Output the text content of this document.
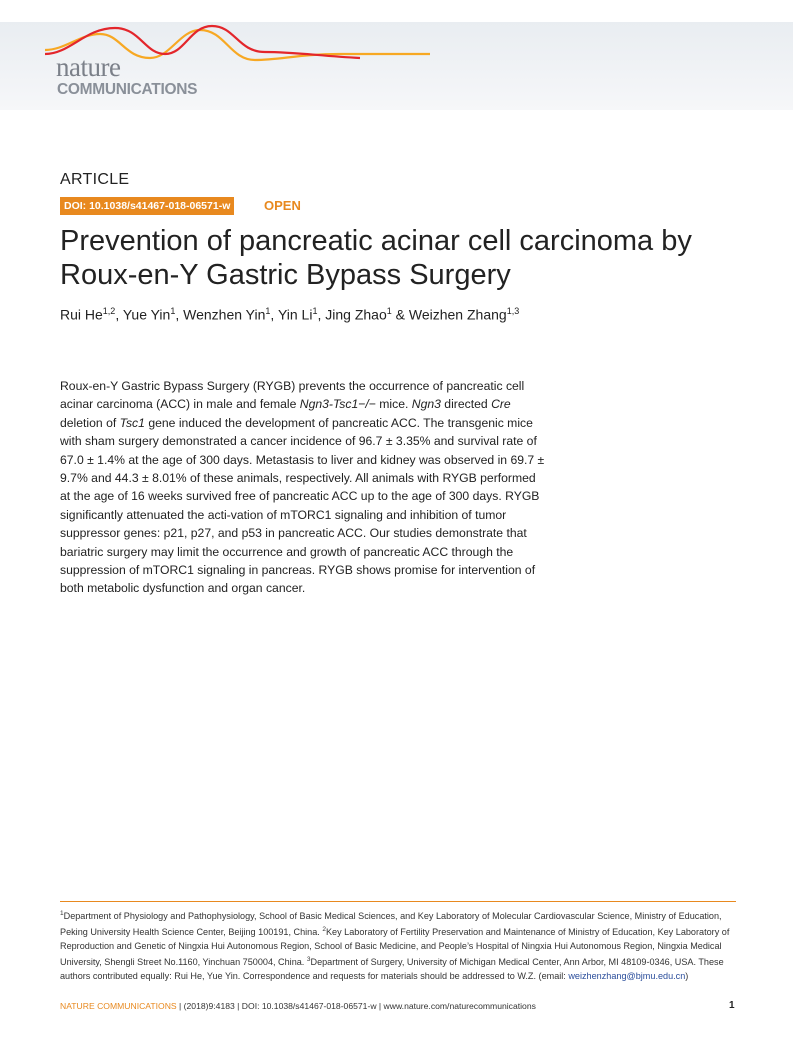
nature
COMMUNICATIONS
ARTICLE
DOI: 10.1038/s41467-018-06571-w	OPEN
Prevention of pancreatic acinar cell carcinoma by
Roux-en-Y Gastric Bypass Surgery
Rui He$^{1,2}$, Yue Yin$^1$, Wenzhen Yin$^1$, Yin Li$^1$, Jing Zhao$^1$ & Weizhen Zhang$^{1,3}$

Roux-en-Y Gastric Bypass Surgery (RYGB) prevents the occurrence of pancreatic cell acinar carcinoma (ACC) in male and female Ngn3-Tsc1−/− mice. Ngn3 directed Cre deletion of Tsc1 gene induced the development of pancreatic ACC. The transgenic mice with sham surgery demonstrated a cancer incidence of 96.7 ± 3.35% and survival rate of 67.0 ± 1.4% at the age of 300 days. Metastasis to liver and kidney was observed in 69.7 ± 9.7% and 44.3 ± 8.01% of these animals, respectively. All animals with RYGB performed at the age of 16 weeks survived free of pancreatic ACC up to the age of 300 days. RYGB significantly attenuated the acti-vation of mTORC1 signaling and inhibition of tumor suppressor genes: p21, p27, and p53 in pancreatic ACC. Our studies demonstrate that bariatric surgery may limit the occurrence and growth of pancreatic ACC through the suppression of mTORC1 signaling in pancreas. RYGB shows promise for intervention of both metabolic dysfunction and organ cancer.

$^1$Department of Physiology and Pathophysiology, School of Basic Medical Sciences, and Key Laboratory of Molecular Cardiovascular Science, Ministry of Education, Peking University Health Science Center, Beijing 100191, China. $^2$Key Laboratory of Fertility Preservation and Maintenance of Ministry of Education, Key Laboratory of Reproduction and Genetic of Ningxia Hui Autonomous Region, School of Basic Medicine, and People’s Hospital of Ningxia Hui Autonomous Region, Ningxia Medical University, Shengli Street No.1160, Yinchuan 750004, China. $^3$Department of Surgery, University of Michigan Medical Center, Ann Arbor, MI 48109-0346, USA. These authors contributed equally: Rui He, Yue Yin. Correspondence and requests for materials should be addressed to W.Z. (email: weizhenzhang@bjmu.edu.cn)

NATURE COMMUNICATIONS | (2018)9:4183 | DOI: 10.1038/s41467-018-06571-w | www.nature.com/naturecommunications	1
